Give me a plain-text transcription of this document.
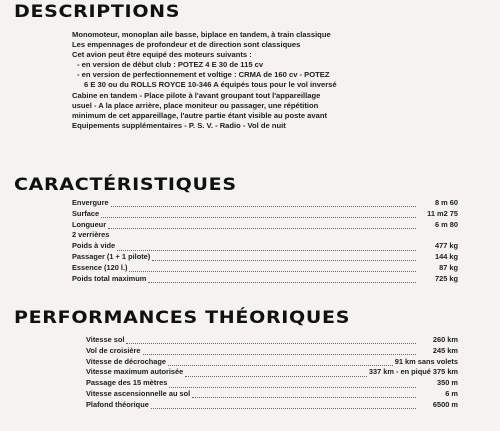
DESCRIPTIONS
Monomoteur, monoplan aile basse, biplace en tandem, à train classique
Les empennages de profondeur et de direction sont classiques
Cet avion peut être equipé des moteurs suivants :
- en version de début club : POTEZ 4 E 30 de 115 cv
- en version de perfectionnement et voltige : CRMA de 160 cv - POTEZ
6 E 30 ou du ROLLS ROYCE 10-346 A équipés tous pour le vol inversé
Cabine en tandem - Place pilote à l'avant groupant tout l'appareillage
usuel - A la place arrière, place moniteur ou passager, une répétition
minimum de cet appareillage, l'autre partie étant visible au poste avant
Equipements supplémentaires - P. S. V. - Radio - Vol de nuit
CARACTÉRISTIQUES
Envergure	8 m 60
Surface	11 m2 75
Longueur	6 m 80
2 verrières
Poids à vide	477 kg
Passager (1 + 1 pilote)	144 kg
Essence (120 l.)	87 kg
Poids total maximum	725 kg
PERFORMANCES THÉORIQUES
Vitesse sol	260 km
Vol de croisière	245 km
Vitesse de décrochage	91 km sans volets
Vitesse maximum autorisée	337 km - en piqué 375 km
Passage des 15 mètres	350 m
Vitesse ascensionnelle au sol	6 m
Plafond théorique	6500 m
